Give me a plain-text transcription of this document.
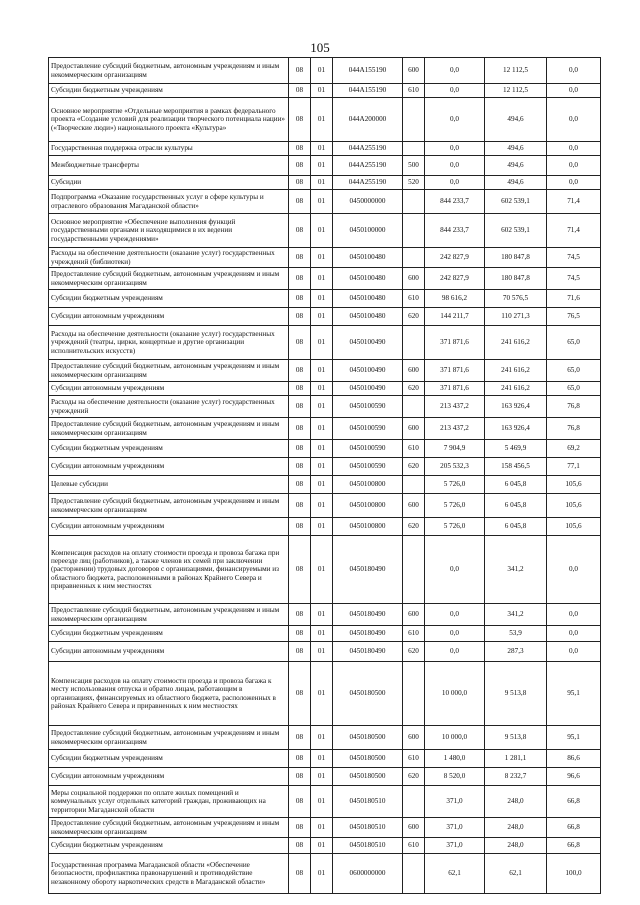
105
Предоставление субсидий бюджетным, автономным учреждениям и иным некоммерческим организациям	08	01	044A155190	600	0,0	12 112,5	0,0
Субсидии бюджетным учреждениям	08	01	044A155190	610	0,0	12 112,5	0,0
Основное мероприятие «Отдельные мероприятия в рамках федерального проекта «Создание условий для реализации творческого потенциала нации» («Творческие люди») национального проекта «Культура»	08	01	044A200000		0,0	494,6	0,0
Государственная поддержка отрасли культуры	08	01	044A255190		0,0	494,6	0,0
Межбюджетные трансферты	08	01	044A255190	500	0,0	494,6	0,0
Субсидии	08	01	044A255190	520	0,0	494,6	0,0
Подпрограмма «Оказание государственных услуг в сфере культуры и отраслевого образования Магаданской области»	08	01	0450000000		844 233,7	602 539,1	71,4
Основное мероприятие «Обеспечение выполнения функций государственными органами и находящимися в их ведении государственными учреждениями»	08	01	0450100000		844 233,7	602 539,1	71,4
Расходы на обеспечение деятельности (оказание услуг) государственных учреждений (библиотеки)	08	01	0450100480		242 827,9	180 847,8	74,5
Предоставление субсидий бюджетным, автономным учреждениям и иным некоммерческим организациям	08	01	0450100480	600	242 827,9	180 847,8	74,5
Субсидии бюджетным учреждениям	08	01	0450100480	610	98 616,2	70 576,5	71,6
Субсидии автономным учреждениям	08	01	0450100480	620	144 211,7	110 271,3	76,5
Расходы на обеспечение деятельности (оказание услуг) государственных учреждений (театры, цирки, концертные и другие организации исполнительских искусств)	08	01	0450100490		371 871,6	241 616,2	65,0
Предоставление субсидий бюджетным, автономным учреждениям и иным некоммерческим организациям	08	01	0450100490	600	371 871,6	241 616,2	65,0
Субсидии автономным учреждениям	08	01	0450100490	620	371 871,6	241 616,2	65,0
Расходы на обеспечение деятельности (оказание услуг) государственных учреждений	08	01	0450100590		213 437,2	163 926,4	76,8
Предоставление субсидий бюджетным, автономным учреждениям и иным некоммерческим организациям	08	01	0450100590	600	213 437,2	163 926,4	76,8
Субсидии бюджетным учреждениям	08	01	0450100590	610	7 904,9	5 469,9	69,2
Субсидии автономным учреждениям	08	01	0450100590	620	205 532,3	158 456,5	77,1
Целевые субсидии	08	01	0450100800		5 726,0	6 045,8	105,6
Предоставление субсидий бюджетным, автономным учреждениям и иным некоммерческим организациям	08	01	0450100800	600	5 726,0	6 045,8	105,6
Субсидии автономным учреждениям	08	01	0450100800	620	5 726,0	6 045,8	105,6
Компенсация расходов на оплату стоимости проезда и провоза багажа при переезде лиц (работников), а также членов их семей при заключении (расторжении) трудовых договоров с организациями, финансируемыми из областного бюджета, расположенными в районах Крайнего Севера и приравненных к ним местностях	08	01	0450180490		0,0	341,2	0,0
Предоставление субсидий бюджетным, автономным учреждениям и иным некоммерческим организациям	08	01	0450180490	600	0,0	341,2	0,0
Субсидии бюджетным учреждениям	08	01	0450180490	610	0,0	53,9	0,0
Субсидии автономным учреждениям	08	01	0450180490	620	0,0	287,3	0,0
Компенсация расходов на оплату стоимости проезда и провоза багажа к месту использования отпуска и обратно лицам, работающим в организациях, финансируемых из областного бюджета, расположенных в районах Крайнего Севера и приравненных к ним местностях	08	01	0450180500		10 000,0	9 513,8	95,1
Предоставление субсидий бюджетным, автономным учреждениям и иным некоммерческим организациям	08	01	0450180500	600	10 000,0	9 513,8	95,1
Субсидии бюджетным учреждениям	08	01	0450180500	610	1 480,0	1 281,1	86,6
Субсидии автономным учреждениям	08	01	0450180500	620	8 520,0	8 232,7	96,6
Меры социальной поддержки по оплате жилых помещений и коммунальных услуг отдельных категорий граждан, проживающих на территории Магаданской области	08	01	0450180510		371,0	248,0	66,8
Предоставление субсидий бюджетным, автономным учреждениям и иным некоммерческим организациям	08	01	0450180510	600	371,0	248,0	66,8
Субсидии бюджетным учреждениям	08	01	0450180510	610	371,0	248,0	66,8
Государственная программа Магаданской области «Обеспечение безопасности, профилактика правонарушений и противодействие незаконному обороту наркотических средств в Магаданской области»	08	01	0600000000		62,1	62,1	100,0
